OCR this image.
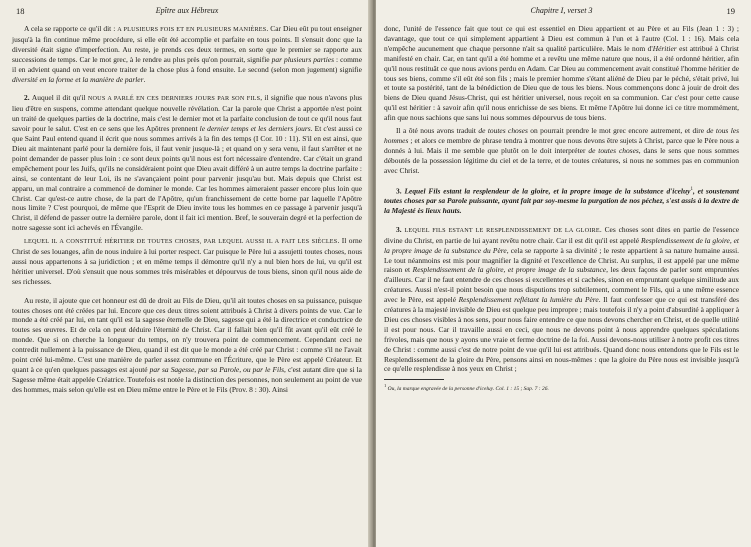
18	Epître aux Hébreux

A cela se rapporte ce qu'il dit : A PLUSIEURS FOIS ET EN PLUSIEURS MANIÈRES. Car Dieu eût pu tout enseigner jusqu'à la fin continue même procédure, si elle eût été accomplie et parfaite en tous points. Il s'ensuit donc que la diversité était signe d'imperfection. Au reste, je prends ces deux termes, en sorte que le premier se rapporte aux successions de temps. Car le mot grec, à le rendre au plus près qu'on pourrait, signifie par plusieurs parties : comme il en advient quand on veut encore traiter de la chose plus à fond ensuite. Le second (selon mon jugement) signifie diversité en la forme et la manière de parler.

2. Auquel il dit qu'il NOUS A PARLÉ EN CES DERNIERS JOURS PAR SON FILS, il signifie que nous n'avons plus lieu d'être en suspens, comme attendant quelque nouvelle révélation. Car la parole que Christ a apportée n'est point un traité de quelques parties de la doctrine, mais c'est le dernier mot et la parfaite conclusion de tout ce qu'il nous faut savoir pour le salut. C'est en ce sens que les Apôtres prennent le dernier temps et les derniers jours. Et c'est aussi ce que Saint Paul entend quand il écrit que nous sommes arrivés à la fin des temps (I Cor. 10 : 11). S'il en est ainsi, que Dieu ait maintenant parlé pour la dernière fois, il faut venir jusque-là ; et quand on y sera venu, il faut s'arrêter et ne point demander de passer plus loin : ce sont deux points qu'il nous est fort nécessaire d'entendre. Car c'était un grand empêchement pour les Juifs, qu'ils ne considéraient point que Dieu avait différé à un autre temps la doctrine parfaite : ainsi, se contentant de leur Loi, ils ne s'avançaient point pour parvenir jusqu'au but. Mais depuis que Christ est apparu, un mal contraire a commencé de dominer le monde. Car les hommes aimeraient passer encore plus loin que Christ. Car qu'est-ce autre chose, de la part de l'Apôtre, qu'un franchissement de cette borne par laquelle l'Apôtre nous limite ? C'est pourquoi, de même que l'Esprit de Dieu invite tous les hommes en ce passage à parvenir jusqu'à Christ, il défend de passer outre la dernière parole, dont il fait ici mention. Bref, le souverain degré et la perfection de notre sagesse sont ici achevés en l'Évangile.

LEQUEL IL A CONSTITUÉ HÉRITIER DE TOUTES CHOSES, PAR LEQUEL AUSSI IL A FAIT LES SIÈCLES. Il orne Christ de ses louanges, afin de nous induire à lui porter respect. Car puisque le Père lui a assujetti toutes choses, nous aussi nous appartenons à sa juridiction ; et en même temps il démontre qu'il n'y a nul bien hors de lui, vu qu'il est héritier universel. D'où s'ensuit que nous sommes très misérables et dépourvus de tous biens, sinon qu'il nous aide de ses richesses.

Au reste, il ajoute que cet honneur est dû de droit au Fils de Dieu, qu'il ait toutes choses en sa puissance, puisque toutes choses ont été créées par lui. Encore que ces deux titres soient attribués à Christ à divers points de vue. Car le monde a été créé par lui, en tant qu'il est la sagesse éternelle de Dieu, sagesse qui a été la directrice et conductrice de toutes ses œuvres. Et de cela on peut déduire l'éternité de Christ. Car il fallait bien qu'il fût avant qu'il eût créé le monde. Que si on cherche la longueur du temps, on n'y trouvera point de commencement. Cependant ceci ne contredit nullement à la puissance de Dieu, quand il est dit que le monde a été créé par Christ : comme s'il ne l'avait point créé lui-même. C'est une manière de parler assez commune en l'Écriture, que le Père est appelé Créateur. Et quant à ce qu'en quelques passages est ajouté par sa Sagesse, par sa Parole, ou par le Fils, c'est autant dire que si la Sagesse même était appelée Créatrice. Toutefois est notée la distinction des personnes, non seulement au point de vue des hommes, mais selon qu'elle est en Dieu même entre le Père et le Fils (Prov. 8 : 30). Ainsi

Chapitre I, verset 3	19

donc, l'unité de l'essence fait que tout ce qui est essentiel en Dieu appartient et au Père et au Fils (Jean 1 : 3) ; davantage, que tout ce qui simplement appartient à Dieu est commun à l'un et à l'autre (Col. 1 : 16). Mais cela n'empêche aucunement que chaque personne n'ait sa qualité particulière. Mais le nom d'Héritier est attribué à Christ manifesté en chair. Car, en tant qu'il a été homme et a revêtu une même nature que nous, il a été ordonné héritier, afin qu'il nous restituât ce que nous avions perdu en Adam. Car Dieu au commencement avait constitué l'homme héritier de tous ses biens, comme s'il eût été son fils ; mais le premier homme s'étant aliéné de Dieu par le péché, s'était privé, lui et toute sa postérité, tant de la bénédiction de Dieu que de tous les biens. Nous commençons donc à jouir de droit des biens de Dieu quand Jésus-Christ, qui est héritier universel, nous reçoit en sa communion. Car c'est pour cette cause qu'il est héritier : à savoir afin qu'il nous enrichisse de ses biens. Et même l'Apôtre lui donne ici ce titre mommément, afin que nous sachions que sans lui nous sommes dépourvus de tous biens.

Il a ôté nous avons traduit de toutes choses on pourrait prendre le mot grec encore autrement, et dire de tous les hommes ; et alors ce membre de phrase tendra à montrer que nous devons être sujets à Christ, parce que le Père nous a donnés à lui. Mais il me semble que plutôt on le doit interpréter de toutes choses, dans le sens que nous sommes déboutés de la possession légitime du ciel et de la terre, et de toutes créatures, si nous ne sommes pas en communion avec Christ.

3. Lequel Fils estant la resplendeur de la gloire, et la propre image de la substance d'iceluy$^1$, et soustenant toutes choses par sa Parole puissante, ayant fait par soy-mesme la purgation de nos péchez, s'est assis à la dextre de la Majesté ès lieux hauts.

3. LEQUEL FILS ESTANT LE RESPLENDISSEMENT DE LA GLOIRE. Ces choses sont dites en partie de l'essence divine du Christ, en partie de lui ayant revêtu notre chair. Car il est dit qu'il est appelé Resplendissement de la gloire, et la propre image de la substance du Père, cela se rapporte à sa divinité ; le reste appartient à sa nature humaine aussi. Le tout néanmoins est mis pour magnifier la dignité et l'excellence de Christ. Au surplus, il est appelé par une même raison et Resplendissement de la gloire, et propre image de la substance, les deux façons de parler sont empruntées d'ailleurs. Car il ne faut entendre de ces choses si excellentes et si cachées, sinon en empruntant quelque similitude aux créatures. Aussi n'est-il point besoin que nous disputions trop subtilement, comment le Fils, qui a une même essence avec le Père, est appelé Resplendissement reflétant la lumière du Père. Il faut confesser que ce qui est transféré des créatures à la majesté invisible de Dieu est quelque peu impropre ; mais toutefois il n'y a point d'absurdité à appliquer à Dieu ces choses visibles à nos sens, pour nous faire entendre ce que nous devons chercher en Christ, et de quelle utilité il est pour nous. Car il travaille aussi en ceci, que nous ne devons point à nous apprendre quelques spéculations frivoles, mais que nous y ayons une vraie et ferme doctrine de la foi. Aussi devons-nous utiliser à notre profit ces titres de Christ : comme aussi c'est de notre point de vue qu'il lui est attribués. Quand donc nous entendons que le Fils est le Resplendissement de la gloire du Père, pensons ainsi en nous-mêmes : que la gloire du Père nous est invisible jusqu'à ce qu'elle resplendisse à nos yeux en Christ ;

$^1$ Ou, la marque engravée de la personne d'iceluy. Col. 1 : 15 ; Sap. 7 : 26.
